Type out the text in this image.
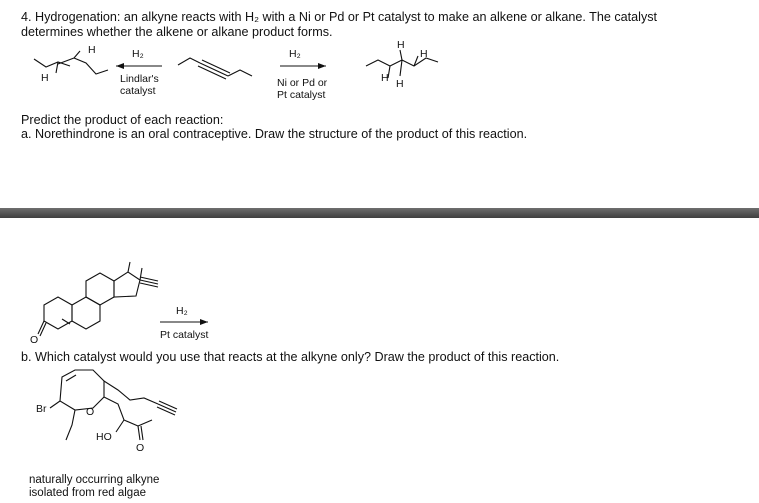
4. Hydrogenation: an alkyne reacts with H₂ with a Ni or Pd or Pt catalyst to make an alkene or alkane. The catalyst
determines whether the alkene or alkane product forms.
H
H
H₂
Lindlar's
catalyst
H₂
Ni or Pd or
Pt catalyst
H
H
H H
Predict the product of each reaction:
a. Norethindrone is an oral contraceptive. Draw the structure of the product of this reaction.
H₂
Pt catalyst
O
b. Which catalyst would you use that reacts at the alkyne only? Draw the product of this reaction.
Br	O
HO
O
naturally occurring alkyne
isolated from red algae
